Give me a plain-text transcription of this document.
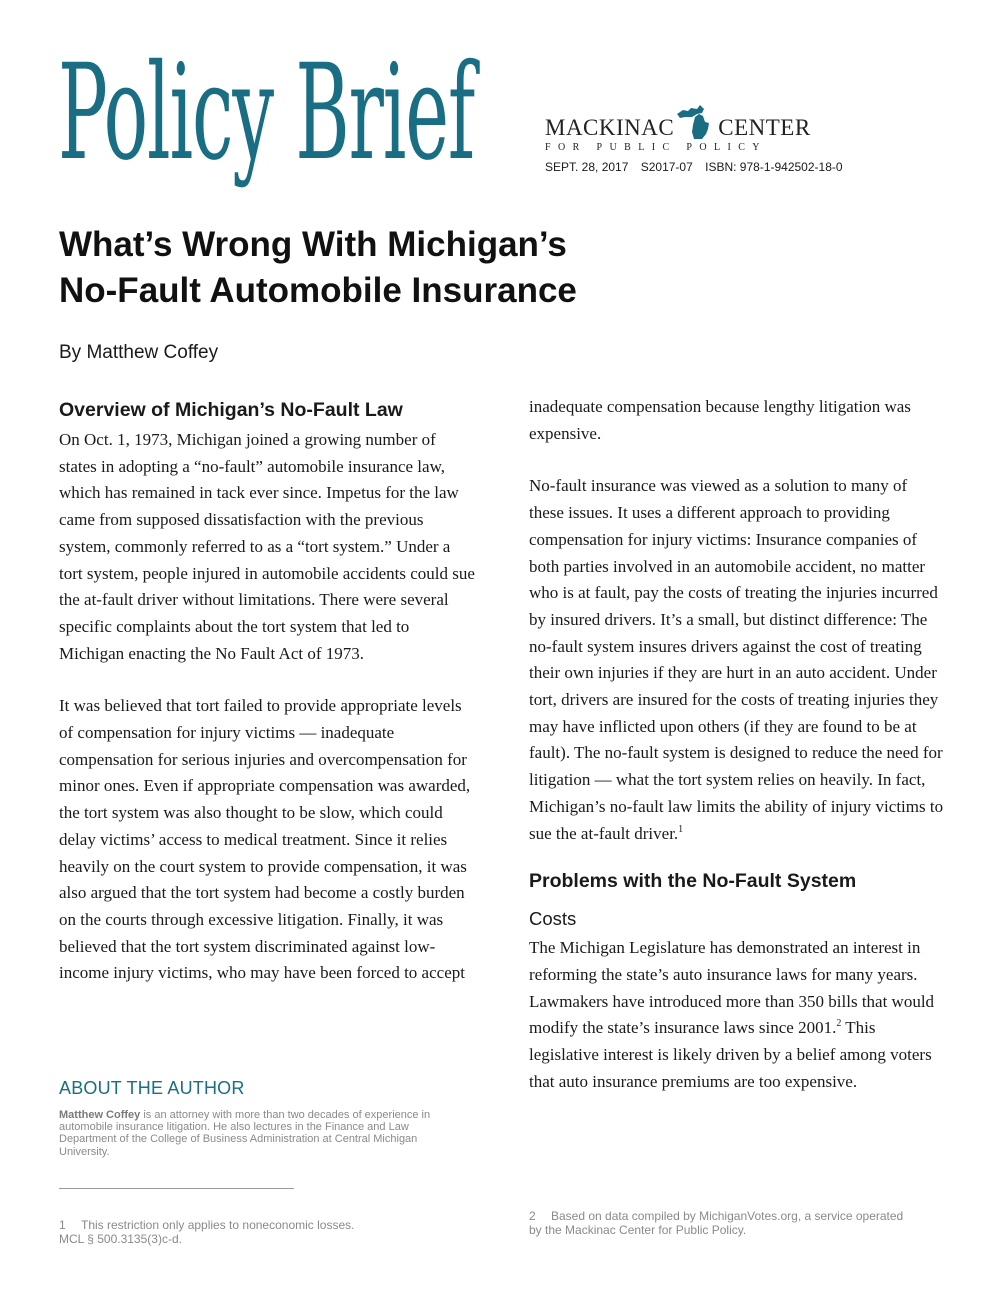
Policy Brief	MACKINAC CENTER
FOR PUBLIC POLICY
SEPT. 28, 2017 S2017-07 ISBN: 978-1-942502-18-0
What’s Wrong With Michigan’s
No-Fault Automobile Insurance
By Matthew Coffey
Overview of Michigan’s No-Fault Law

On Oct. 1, 1973, Michigan joined a growing number of states in adopting a “no-fault” automobile insurance law, which has remained in tack ever since. Impetus for the law came from supposed dissatisfaction with the previous system, commonly referred to as a “tort system.” Under a tort system, people injured in automobile accidents could sue the at-fault driver without limitations. There were several specific complaints about the tort system that led to Michigan enacting the No Fault Act of 1973.

It was believed that tort failed to provide appropriate levels of compensation for injury victims — inadequate compensation for serious injuries and overcompensation for minor ones. Even if appropriate compensation was awarded, the tort system was also thought to be slow, which could delay victims’ access to medical treatment. Since it relies heavily on the court system to provide compensation, it was also argued that the tort system had become a costly burden on the courts through excessive litigation. Finally, it was believed that the tort system discriminated against low-income injury victims, who may have been forced to accept

inadequate compensation because lengthy litigation was expensive.

No-fault insurance was viewed as a solution to many of these issues. It uses a different approach to providing compensation for injury victims: Insurance companies of both parties involved in an automobile accident, no matter who is at fault, pay the costs of treating the injuries incurred by insured drivers. It’s a small, but distinct difference: The no-fault system insures drivers against the cost of treating their own injuries if they are hurt in an auto accident. Under tort, drivers are insured for the costs of treating injuries they may have inflicted upon others (if they are found to be at fault). The no-fault system is designed to reduce the need for litigation — what the tort system relies on heavily. In fact, Michigan’s no-fault law limits the ability of injury victims to sue the at-fault driver.$^1$

Problems with the No-Fault System
Costs

The Michigan Legislature has demonstrated an interest in reforming the state’s auto insurance laws for many years. Lawmakers have introduced more than 350 bills that would modify the state’s insurance laws since 2001.$^2$ This legislative interest is likely driven by a belief among voters that auto insurance premiums are too expensive.

ABOUT THE AUTHOR
Matthew Coffey is an attorney with more than two decades of experience in automobile insurance litigation. He also lectures in the Finance and Law Department of the College of Business Administration at Central Michigan University.
1 This restriction only applies to noneconomic losses.
MCL § 500.3135(3)c-d.
2 Based on data compiled by MichiganVotes.org, a service operated
by the Mackinac Center for Public Policy.
